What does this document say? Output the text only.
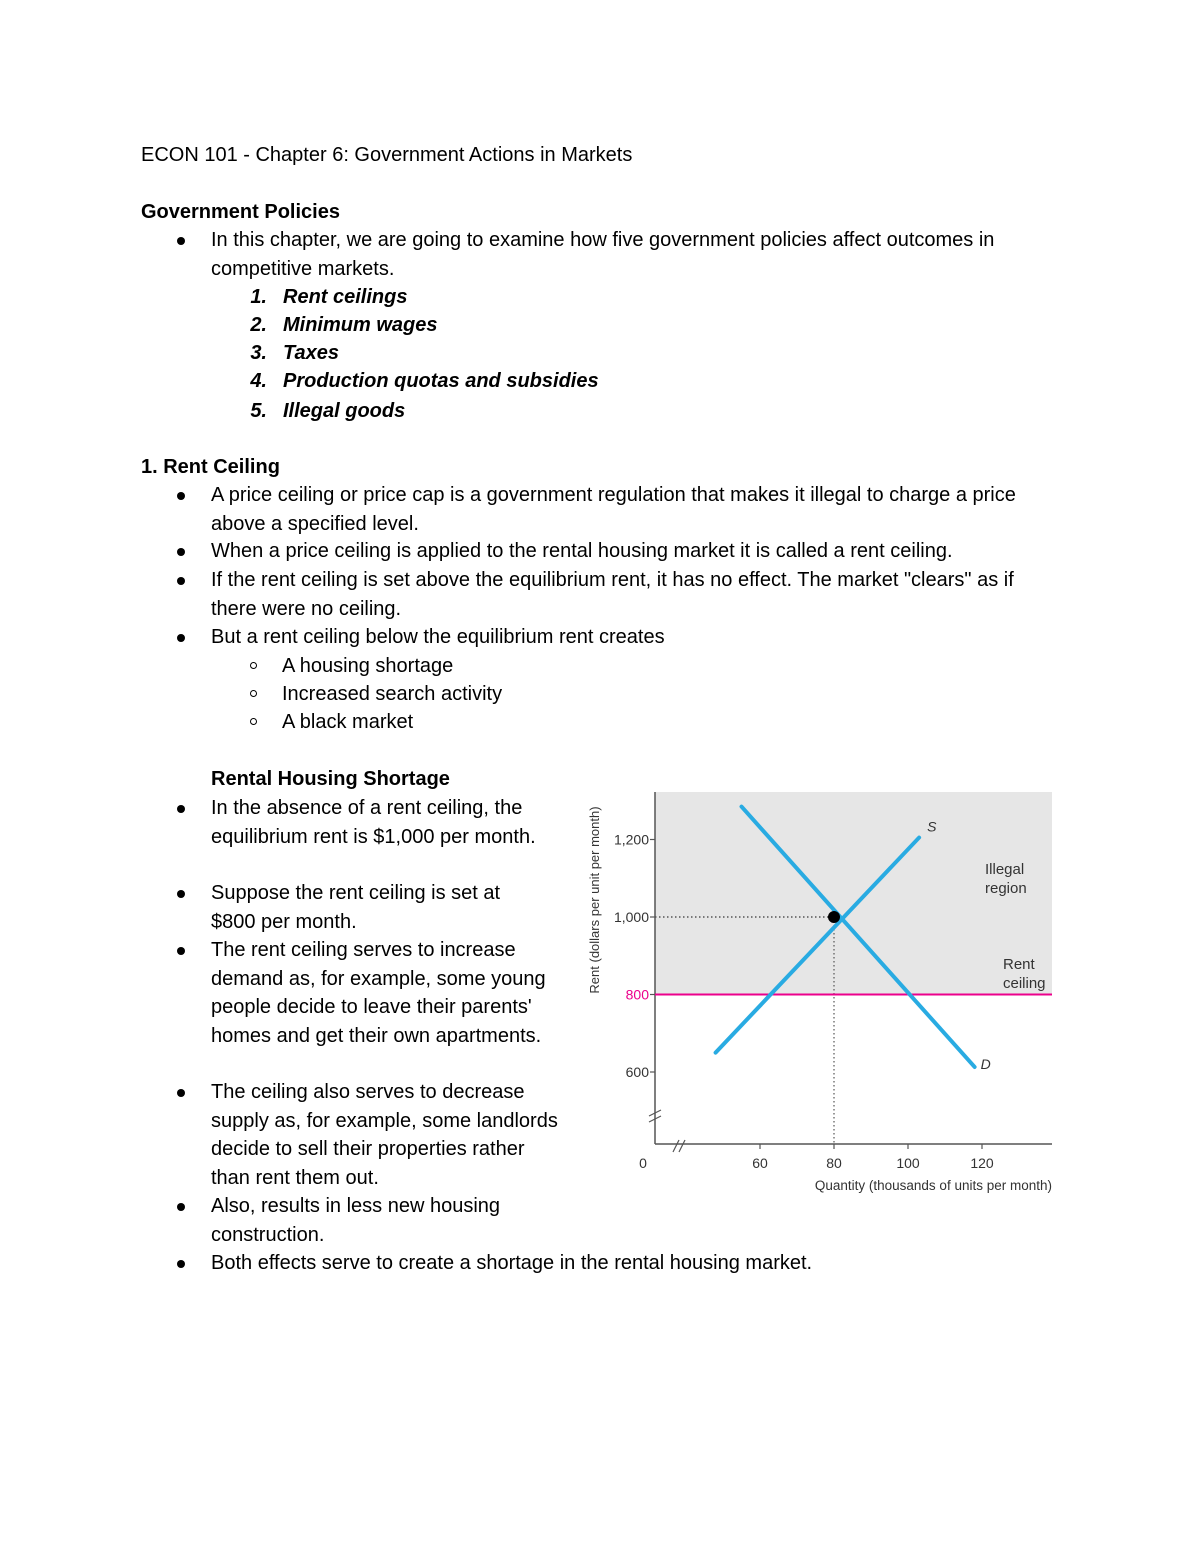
ECON 101 - Chapter 6: Government Actions in Markets
Government Policies
In this chapter, we are going to examine how five government policies affect outcomes in competitive markets.
1. Rent ceilings
2. Minimum wages
3. Taxes
4. Production quotas and subsidies
5. Illegal goods
1. Rent Ceiling
A price ceiling or price cap is a government regulation that makes it illegal to charge a price above a specified level.
When a price ceiling is applied to the rental housing market it is called a rent ceiling.
If the rent ceiling is set above the equilibrium rent, it has no effect. The market "clears" as if there were no ceiling.
But a rent ceiling below the equilibrium rent creates
A housing shortage
Increased search activity
A black market
Rental Housing Shortage
In the absence of a rent ceiling, the equilibrium rent is $1,000 per month.
Suppose the rent ceiling is set at $800 per month.
The rent ceiling serves to increase demand as, for example, some young people decide to leave their parents' homes and get their own apartments.
The ceiling also serves to decrease supply as, for example, some landlords decide to sell their properties rather than rent them out.
Also, results in less new housing construction.
Both effects serve to create a shortage in the rental housing market.
600
800
1,000
1,200
0	60	80	100	120
Quantity (thousands of units per month)
Rent (dollars per unit per month)	S
D
Illegal
region
Rent
ceiling
